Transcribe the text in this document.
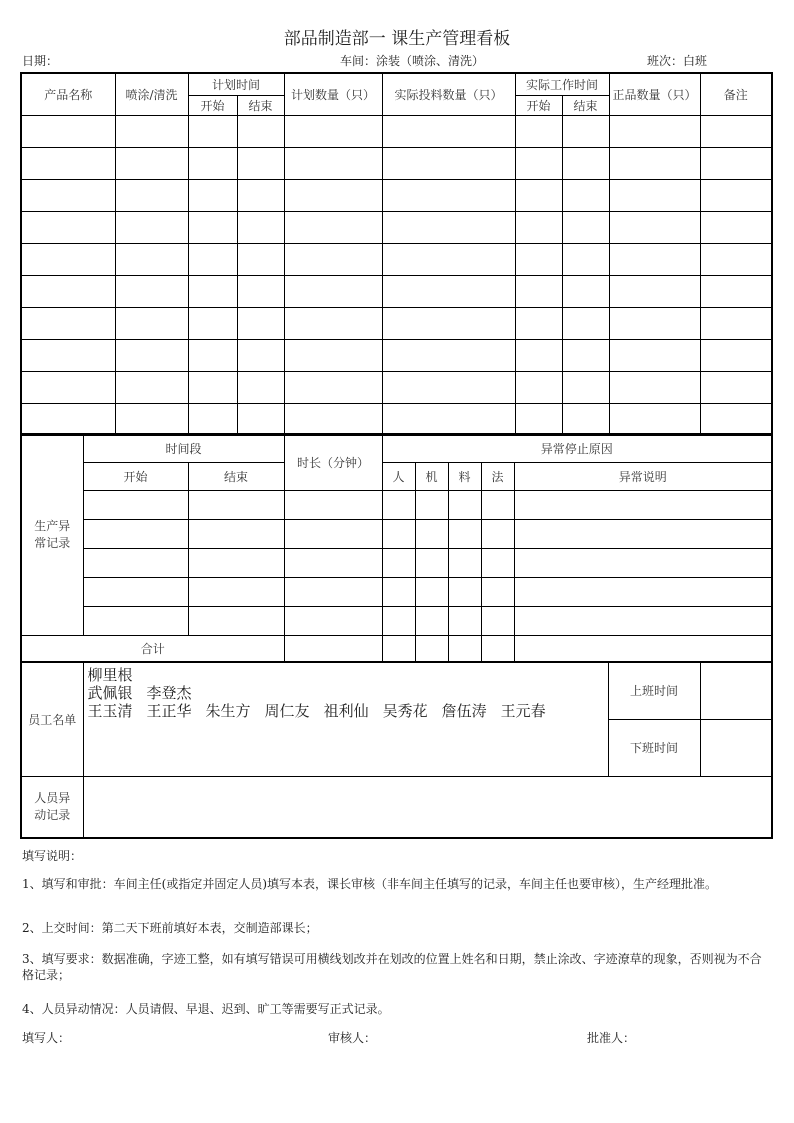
部品制造部一 课生产管理看板
日期：	车间：涂装（喷涂、清洗）	班次：白班
产品名称	喷涂/清洗	计划时间		计划数量（只）	实际投料数量（只）	实际工作时间		正品数量（只）	备注
		开始	结束			开始	结束		

生产异常记录	时间段		时长（分钟）	异常停止原因				
	开始	结束		人	机	料	法	异常说明

合计								
员工名单	柳里根
武佩银 李登杰
王玉清 王正华 朱生方 周仁友 祖利仙 吴秀花 詹伍涛 王元春	上班时间	
		下班时间	

人员异动记录			

填写说明：
1、填写和审批：车间主任(或指定并固定人员)填写本表，课长审核（非车间主任填写的记录，车间主任也要审核），生产经理批准。
2、上交时间：第二天下班前填好本表，交制造部课长；
3、填写要求：数据准确，字迹工整，如有填写错误可用横线划改并在划改的位置上姓名和日期，禁止涂改、字迹潦草的现象，否则视为不合格记录；
4、人员异动情况：人员请假、早退、迟到、旷工等需要写正式记录。
填写人：	审核人：	批准人：
